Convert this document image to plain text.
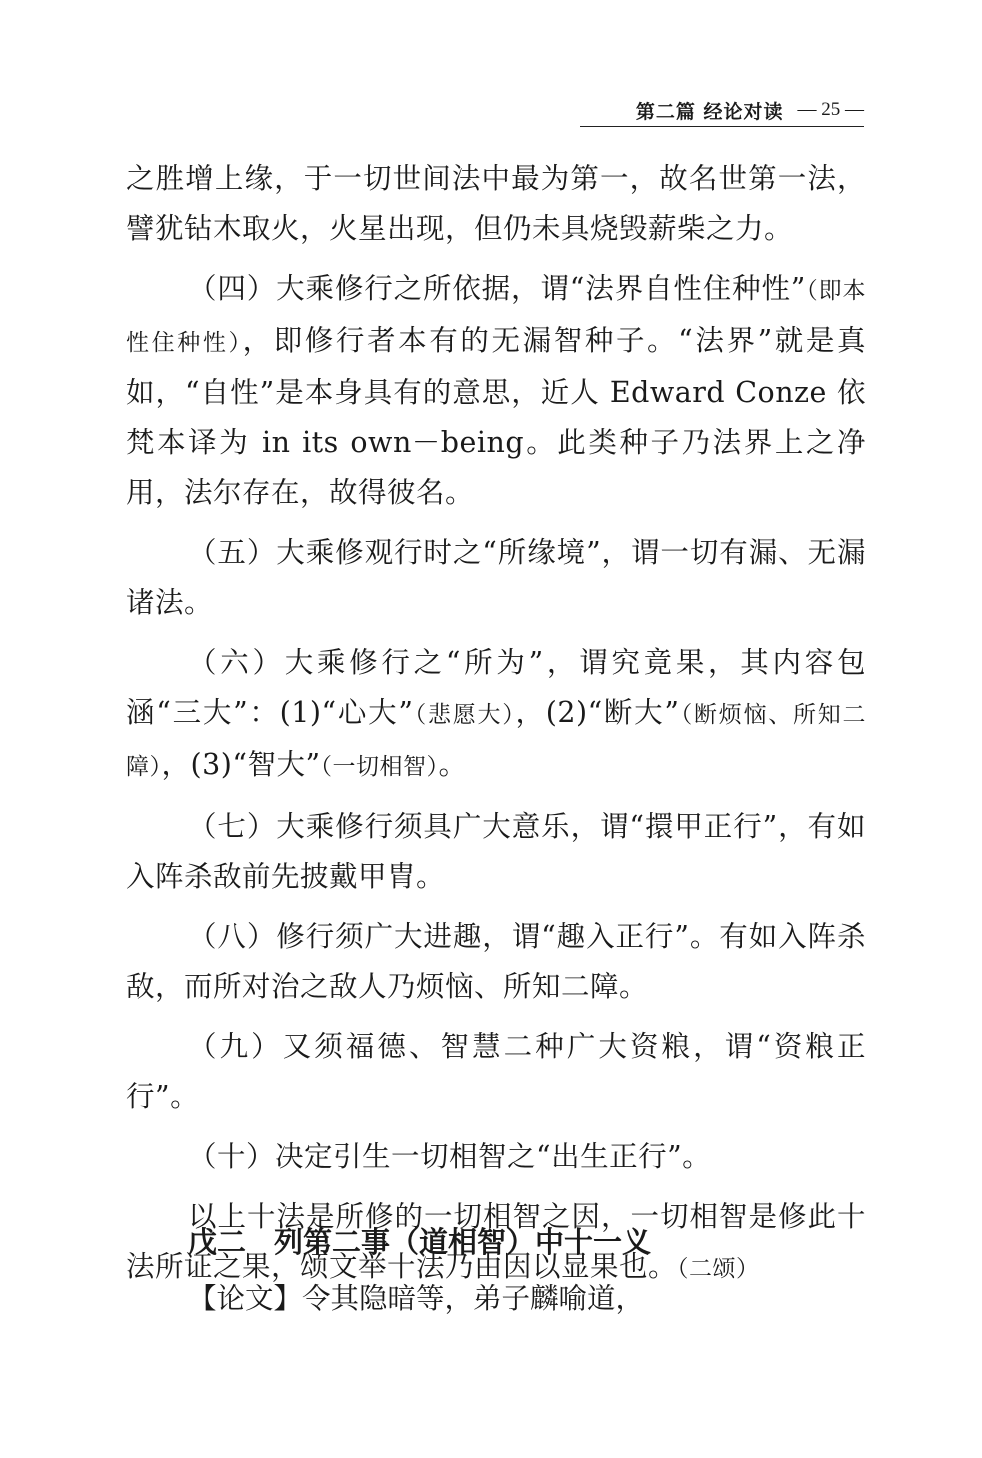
第二篇 经论对读 — 25 —

之胜增上缘，于一切世间法中最为第一，故名世第一法，譬犹钻木取火，火星出现，但仍未具烧毁薪柴之力。

（四）大乘修行之所依据，谓“法界自性住种性”（即本性住种性），即修行者本有的无漏智种子。“法界”就是真如，“自性”是本身具有的意思，近人 Edward Conze 依梵本译为 in its own－being。此类种子乃法界上之净用，法尔存在，故得彼名。

（五）大乘修观行时之“所缘境”，谓一切有漏、无漏诸法。

（六）大乘修行之“所为”，谓究竟果，其内容包涵“三大”：(1)“心大”（悲愿大），(2)“断大”（断烦恼、所知二障），(3)“智大”（一切相智）。

（七）大乘修行须具广大意乐，谓“擐甲正行”，有如入阵杀敌前先披戴甲胄。

（八）修行须广大进趣，谓“趣入正行”。有如入阵杀敌，而所对治之敌人乃烦恼、所知二障。

（九）又须福德、智慧二种广大资粮，谓“资粮正行”。

（十）决定引生一切相智之“出生正行”。

以上十法是所修的一切相智之因，一切相智是修此十法所证之果，颂文举十法乃由因以显果也。（二颂）

戊二 列第二事（道相智）中十一义
【论文】令其隐暗等，弟子麟喻道，
